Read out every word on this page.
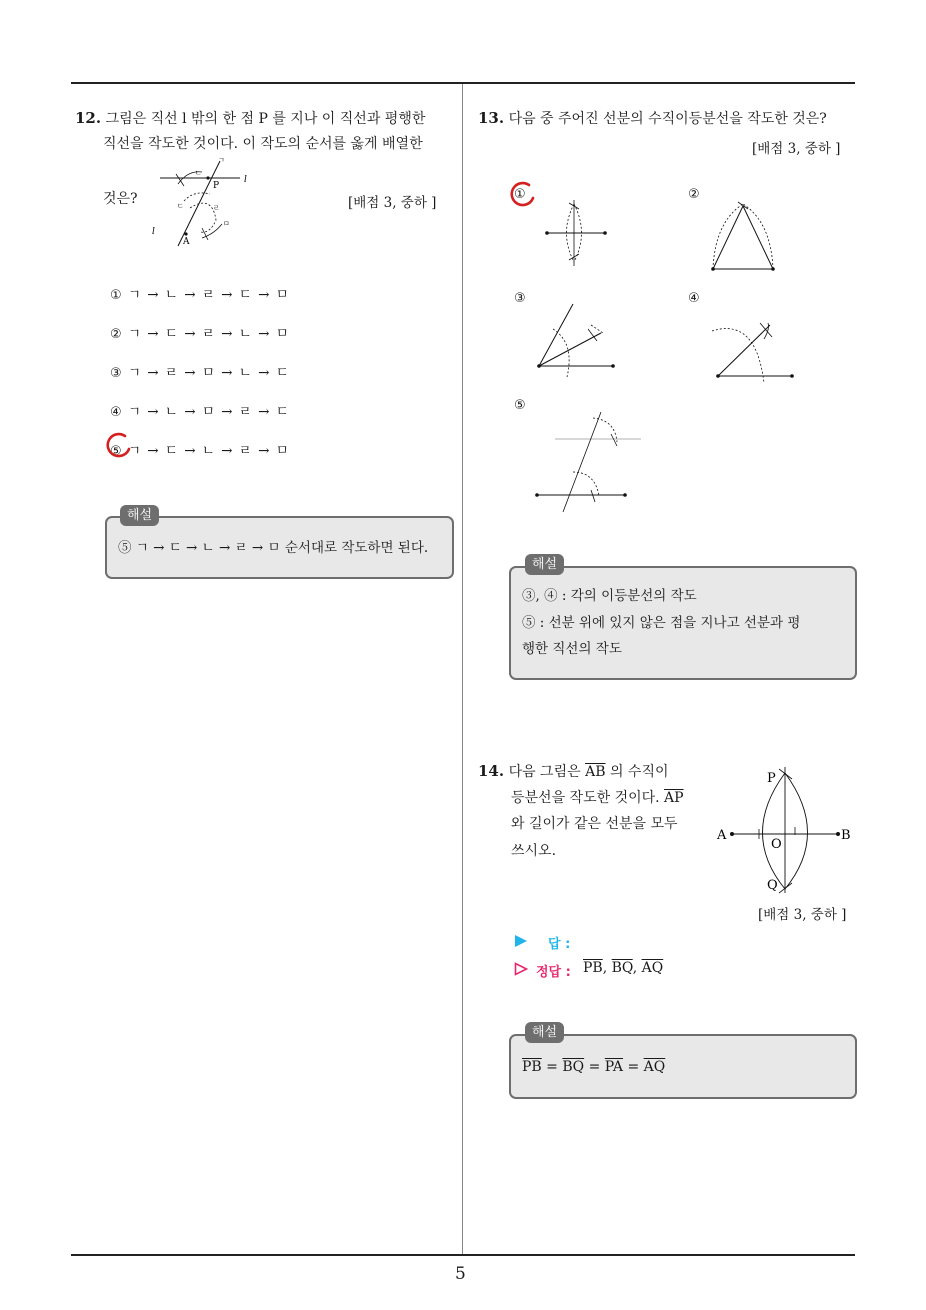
5
12. 그림은 직선 l 밖의 한 점 P 를 지나 이 직선과 평행한
직선을 작도한 것이다. 이 작도의 순서를 옳게 배열한
것은?	[배점 3, 중하 ]
l
l
P
A
ㄱ
ㄴ
ㄷ	ㄹ
ㅁ
① ㄱ → ㄴ → ㄹ → ㄷ → ㅁ
② ㄱ → ㄷ → ㄹ → ㄴ → ㅁ
③ ㄱ → ㄹ → ㅁ → ㄴ → ㄷ
④ ㄱ → ㄴ → ㅁ → ㄹ → ㄷ
⑤ ㄱ → ㄷ → ㄴ → ㄹ → ㅁ
해설
⑤ ㄱ → ㄷ → ㄴ → ㄹ → ㅁ 순서대로 작도하면 된다.
13. 다음 중 주어진 선분의 수직이등분선을 작도한 것은?
[배점 3, 중하 ]
①	②
③	④
⑤
해설
③, ④ : 각의 이등분선의 작도
⑤ : 선분 위에 있지 않은 점을 지나고 선분과 평
행한 직선의 작도
14. 다음 그림은 $\overline{AB}$ 의 수직이
등분선을 작도한 것이다. $\overline{AP}$
와 길이가 같은 선분을 모두
쓰시오.
P
A	B
O
Q
[배점 3, 중하 ]
답 :
정답 : $\overline{PB}$, $\overline{BQ}$, $\overline{AQ}$
해설
$\overline{PB} = \overline{BQ} = \overline{PA} = \overline{AQ}$
